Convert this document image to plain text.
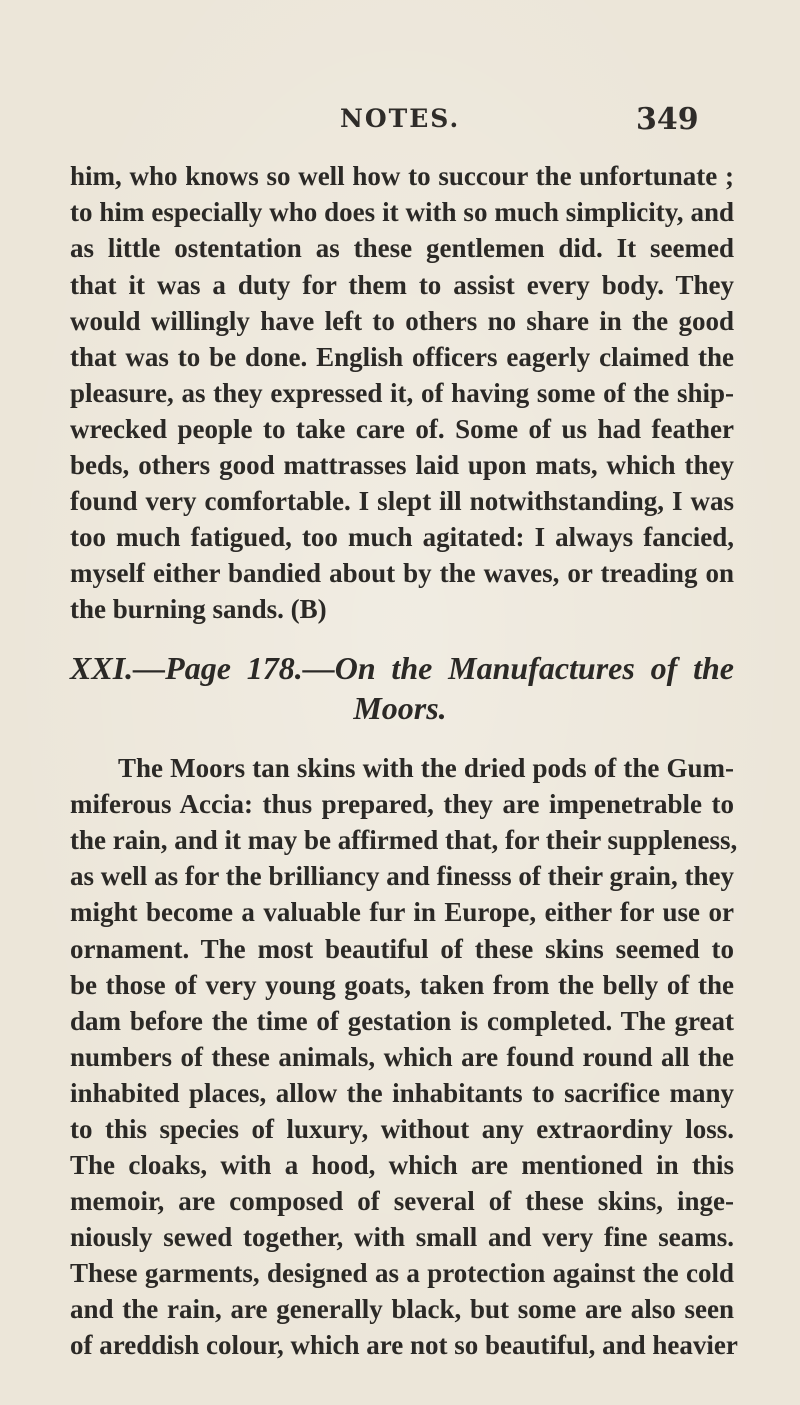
NOTES.	349
him, who knows so well how to succour the unfortunate ;
to him especially who does it with so much simplicity, and
as little ostentation as these gentlemen did. It seemed
that it was a duty for them to assist every body. They
would willingly have left to others no share in the good
that was to be done. English officers eagerly claimed the
pleasure, as they expressed it, of having some of the ship-
wrecked people to take care of. Some of us had feather
beds, others good mattrasses laid upon mats, which they
found very comfortable. I slept ill notwithstanding, I was
too much fatigued, too much agitated: I always fancied,
myself either bandied about by the waves, or treading on
the burning sands. (B)
XXI.—Page 178.—On the Manufactures of the
Moors.
The Moors tan skins with the dried pods of the Gum-
miferous Accia: thus prepared, they are impenetrable to
the rain, and it may be affirmed that, for their suppleness,
as well as for the brilliancy and finesss of their grain, they
might become a valuable fur in Europe, either for use or
ornament. The most beautiful of these skins seemed to
be those of very young goats, taken from the belly of the
dam before the time of gestation is completed. The great
numbers of these animals, which are found round all the
inhabited places, allow the inhabitants to sacrifice many
to this species of luxury, without any extraordiny loss.
The cloaks, with a hood, which are mentioned in this
memoir, are composed of several of these skins, inge-
niously sewed together, with small and very fine seams.
These garments, designed as a protection against the cold
and the rain, are generally black, but some are also seen
of areddish colour, which are not so beautiful, and heavier
